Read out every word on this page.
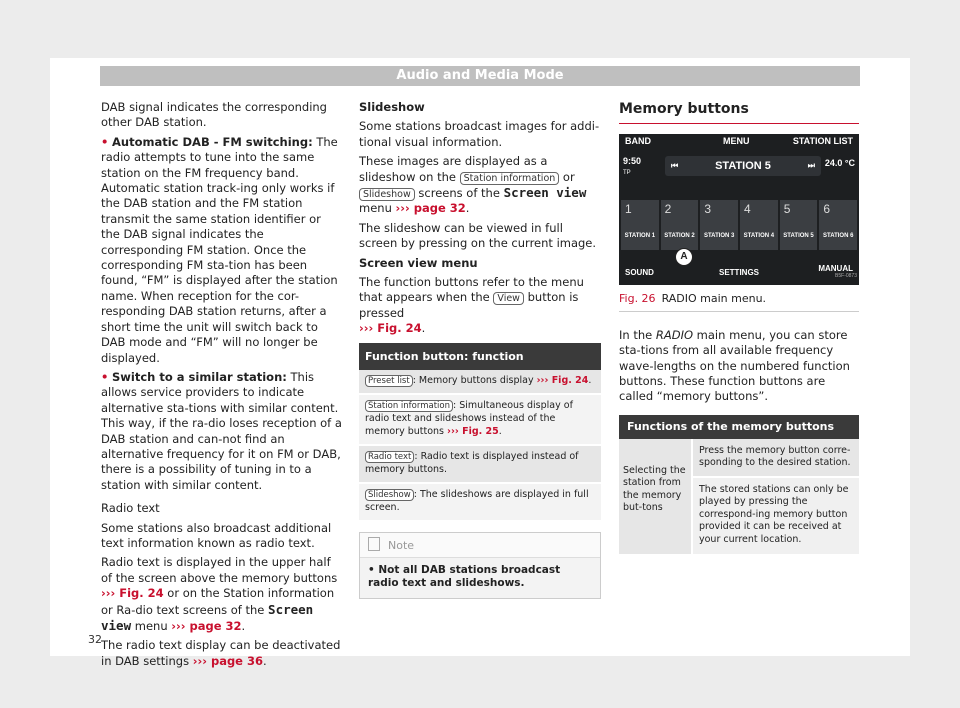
Audio and Media Mode

DAB signal indicates the corresponding other DAB station.

• Automatic DAB - FM switching: The radio attempts to tune into the same station on the FM frequency band. Automatic station track-ing only works if the DAB station and the FM station transmit the same station identifier or the DAB signal indicates the corresponding FM station. Once the corresponding FM sta-tion has been found, “FM” is displayed after the station name. When reception for the cor-responding DAB station returns, after a short time the unit will switch back to DAB mode and “FM” will no longer be displayed.

• Switch to a similar station: This allows service providers to indicate alternative sta-tions with similar content. This way, if the ra-dio loses reception of a DAB station and can-not find an alternative frequency for it on FM or DAB, there is a possibility of tuning in to a station with similar content.

Radio text

Some stations also broadcast additional text information known as radio text.

Radio text is displayed in the upper half of the screen above the memory buttons ››› Fig. 24 or on the Station information or Ra-dio text screens of the Screen view menu ››› page 32.

The radio text display can be deactivated in DAB settings ››› page 36.

Slideshow

Some stations broadcast images for addi-tional visual information.

These images are displayed as a slideshow on the Station information or Slideshow screens of the Screen view menu ››› page 32.

The slideshow can be viewed in full screen by pressing on the current image.

Screen view menu

The function buttons refer to the menu that appears when the View button is pressed
››› Fig. 24.

Function button: function
Preset list : Memory buttons display ››› Fig. 24.
Station information : Simultaneous display of radio text and slideshows instead of the memory buttons ››› Fig. 25.
Radio text : Radio text is displayed instead of memory buttons.
Slideshow : The slideshows are displayed in full screen.
Note
• Not all DAB stations broadcast radio text and slideshows.
Memory buttons
BAND	MENU	STATION LIST
9:50
TP
⏮	STATION 5	⏭ 24.0 °C
1
STATION 1
2
STATION 2
3
STATION 3
4
STATION 4
5
STATION 5
6
STATION 6
SOUND	SETTINGS	MANUAL
A
B5F-0873
Fig. 26 RADIO main menu.

In the RADIO main menu, you can store sta-tions from all available frequency wave-lengths on the numbered function buttons. These function buttons are called “memory buttons”.

Functions of the memory buttons
Selecting the station from the memory but-tons
Press the memory button corre-sponding to the desired station.
The stored stations can only be played by pressing the correspond-ing memory button provided it can be received at your current location.
32
